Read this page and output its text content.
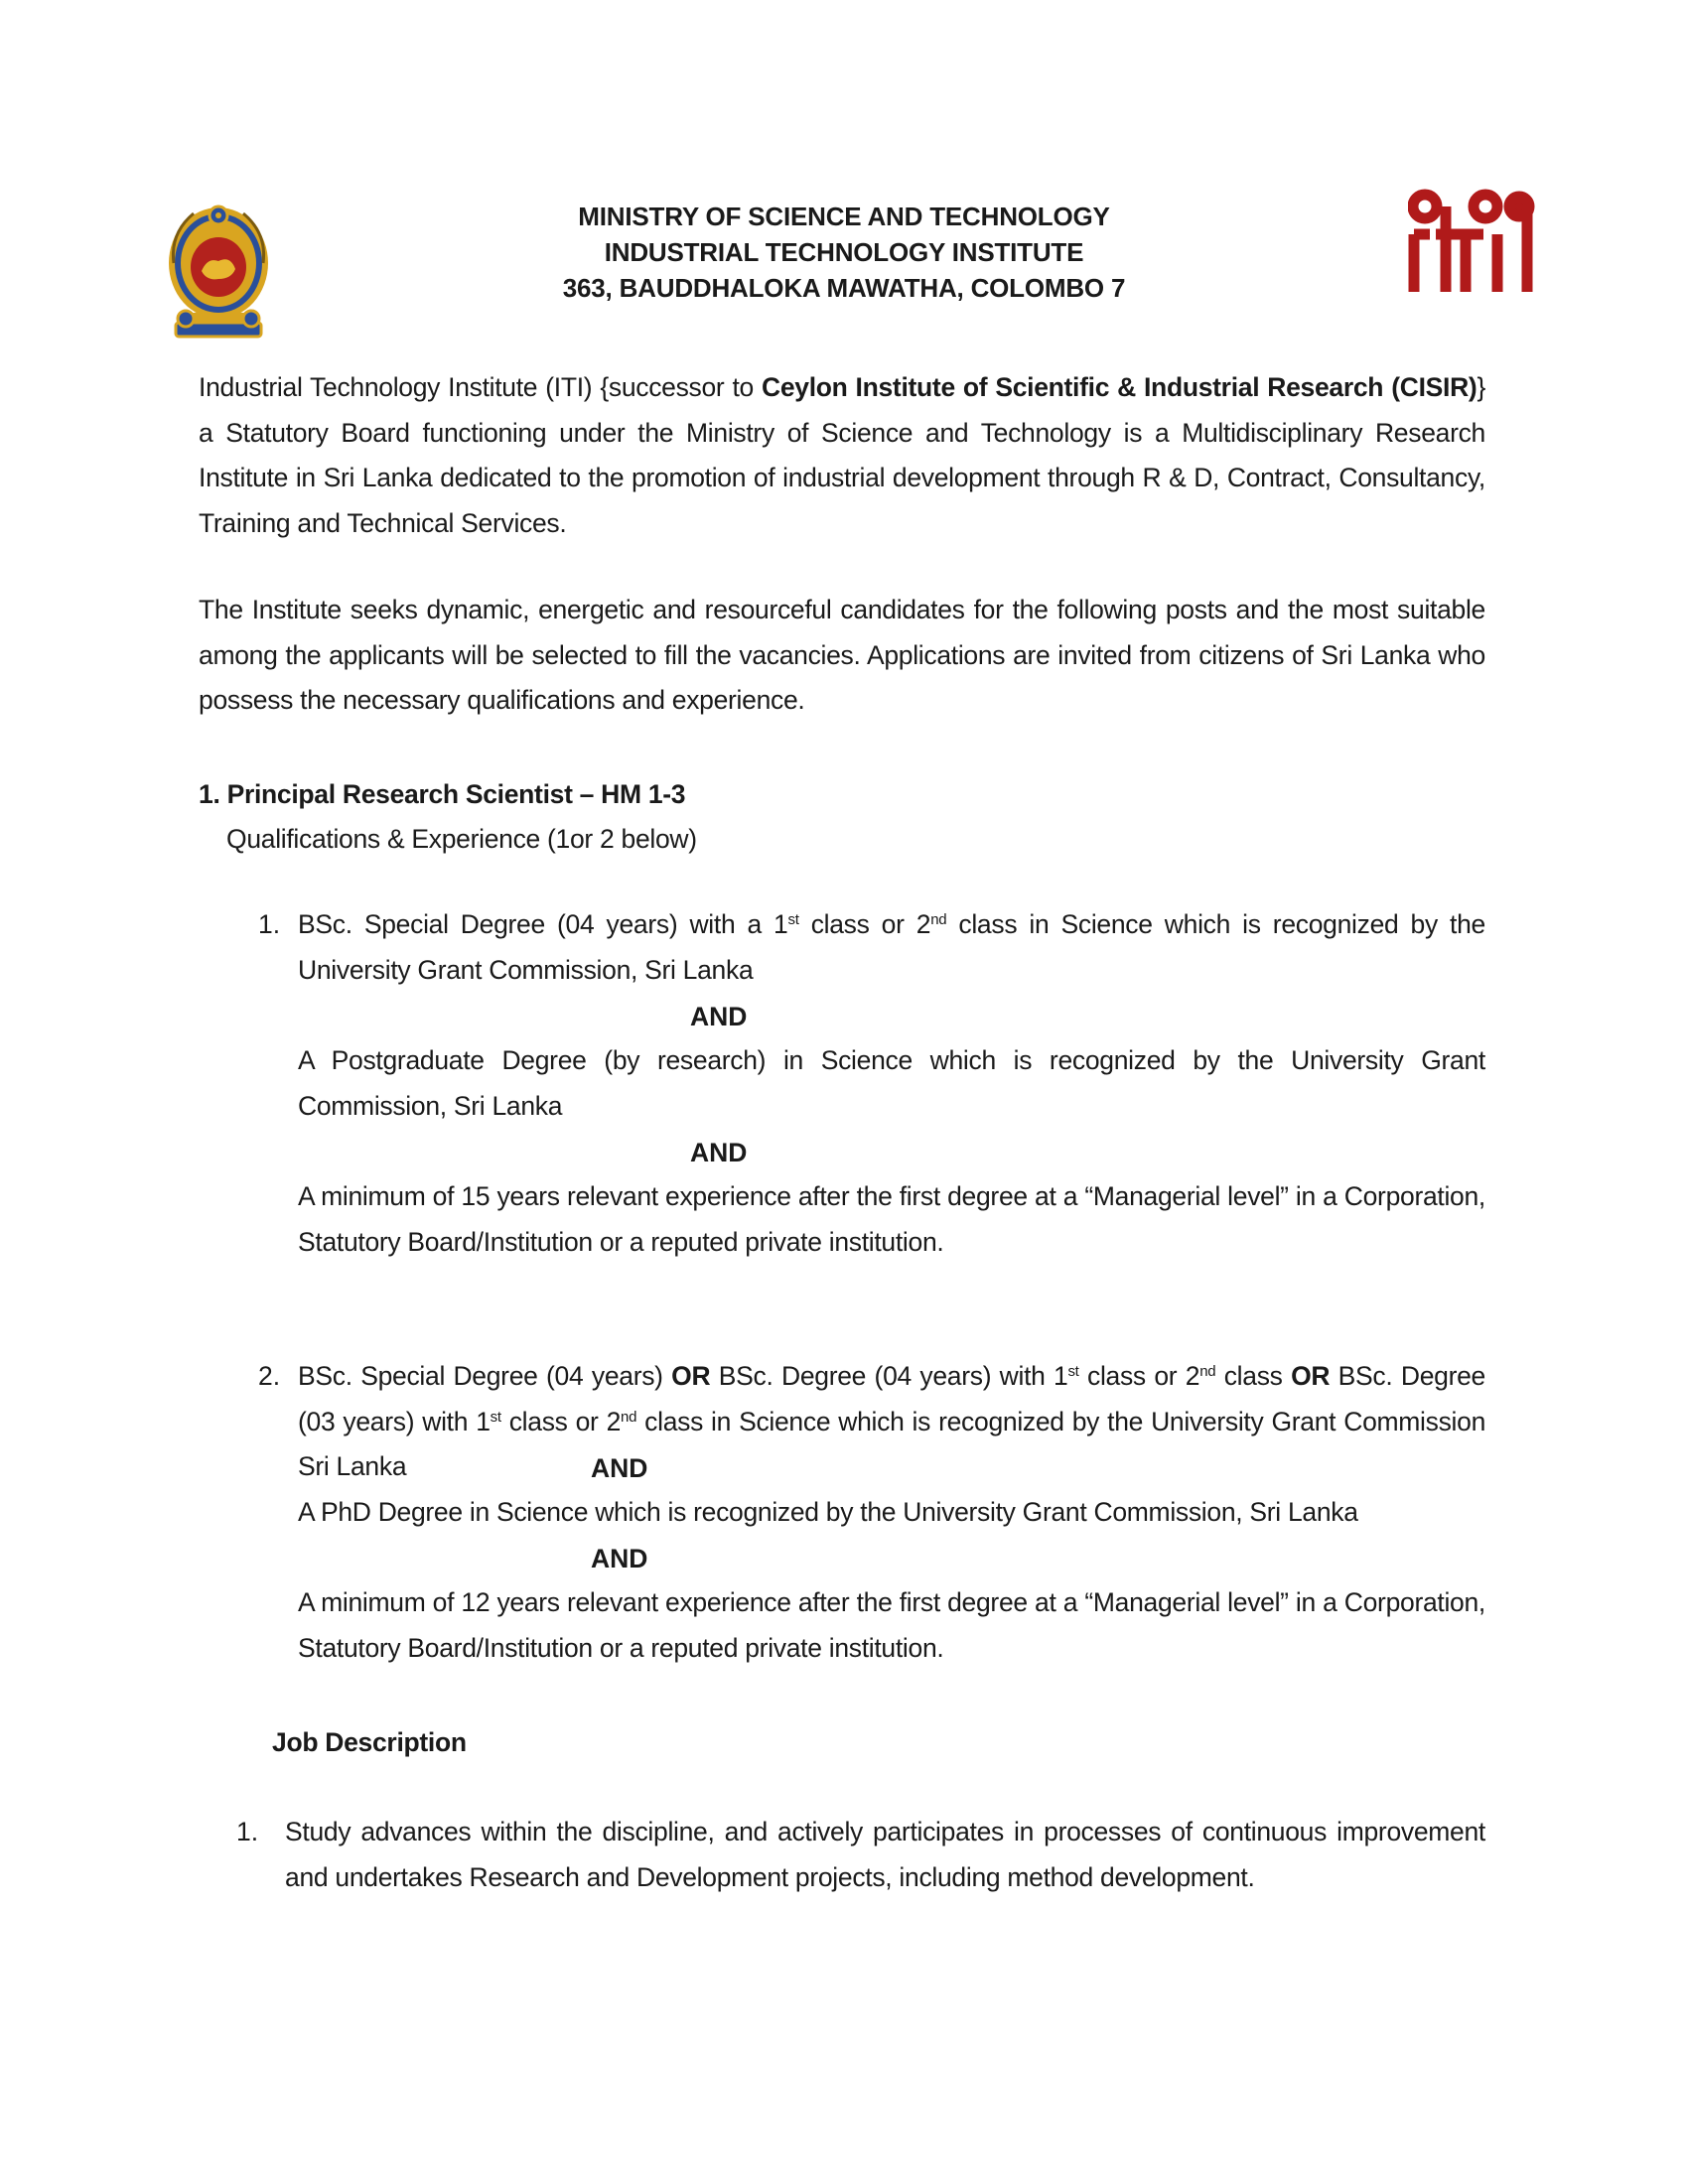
MINISTRY OF SCIENCE AND TECHNOLOGY
INDUSTRIAL TECHNOLOGY INSTITUTE
363, BAUDDHALOKA MAWATHA, COLOMBO 7
Industrial Technology Institute (ITI) {successor to Ceylon Institute of Scientific & Industrial Research (CISIR)} a Statutory Board functioning under the Ministry of Science and Technology is a Multidisciplinary Research Institute in Sri Lanka dedicated to the promotion of industrial development through R & D, Contract, Consultancy, Training and Technical Services.
The Institute seeks dynamic, energetic and resourceful candidates for the following posts and the most suitable among the applicants will be selected to fill the vacancies. Applications are invited from citizens of Sri Lanka who possess the necessary qualifications and experience.
1. Principal Research Scientist – HM 1-3
Qualifications & Experience (1or 2 below)
1. BSc. Special Degree (04 years) with a 1st class or 2nd class in Science which is recognized by the University Grant Commission, Sri Lanka
AND
A Postgraduate Degree (by research) in Science which is recognized by the University Grant Commission, Sri Lanka
AND
A minimum of 15 years relevant experience after the first degree at a “Managerial level” in a Corporation, Statutory Board/Institution or a reputed private institution.
2. BSc. Special Degree (04 years) OR BSc. Degree (04 years) with 1st class or 2nd class OR BSc. Degree (03 years) with 1st class or 2nd class in Science which is recognized by the University Grant Commission Sri Lanka	AND
A PhD Degree in Science which is recognized by the University Grant Commission, Sri Lanka
AND
A minimum of 12 years relevant experience after the first degree at a “Managerial level” in a Corporation, Statutory Board/Institution or a reputed private institution.
Job Description
1. Study advances within the discipline, and actively participates in processes of continuous improvement and undertakes Research and Development projects, including method development.
